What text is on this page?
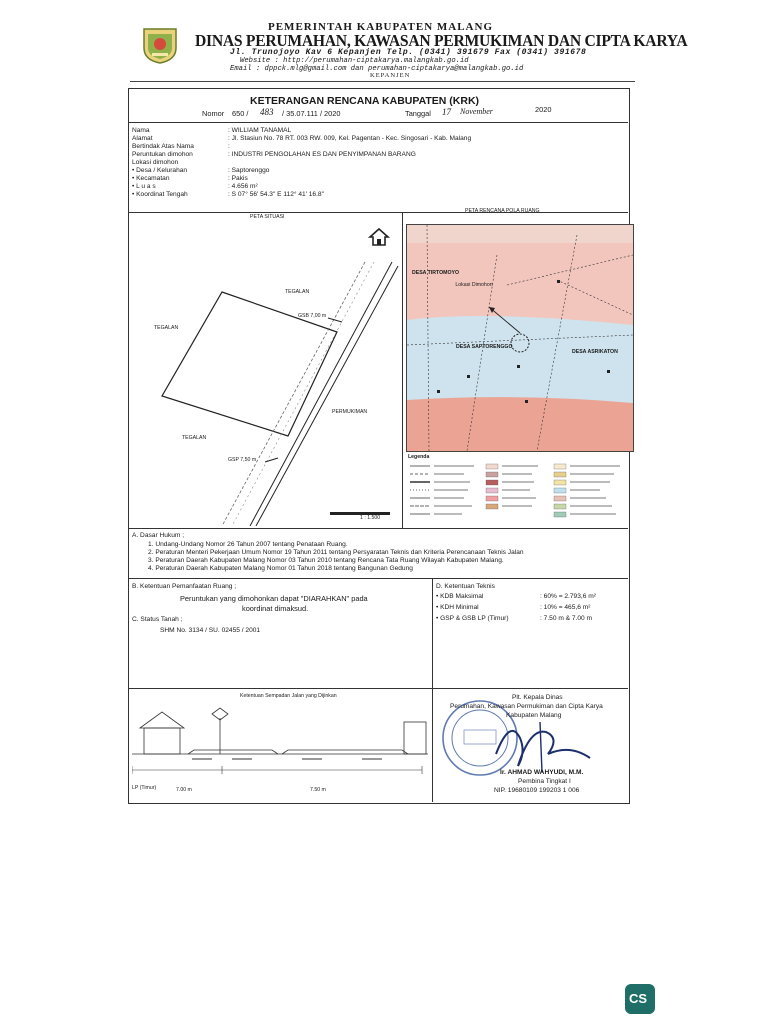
PEMERINTAH KABUPATEN MALANG
DINAS PERUMAHAN, KAWASAN PERMUKIMAN DAN CIPTA KARYA
Jl. Trunojoyo Kav 6 Kepanjen Telp. (0341) 391679 Fax (0341) 391678
Website : http://perumahan-ciptakarya.malangkab.go.id
Email : dppck.mlg@gmail.com dan perumahan-ciptakarya@malangkab.go.id
KEPANJEN
KETERANGAN RENCANA KABUPATEN (KRK)
Nomor 650 / 483 / 35.07.111 / 2020	Tanggal 17 November	2020
Nama	: WILLIAM TANAMAL
Alamat	: Jl. Stasiun No. 78 RT. 003 RW. 009, Kel. Pagentan - Kec. Singosari - Kab. Malang
Bertindak Atas Nama	:
Peruntukan dimohon	: INDUSTRI PENGOLAHAN ES DAN PENYIMPANAN BARANG
Lokasi dimohon
• Desa / Kelurahan	: Saptorenggo
• Kecamatan	: Pakis
• L u a s	: 4.656 m²
• Koordinat Tengah	: S 07° 56' 54.3" E 112° 41' 16.8"
PETA SITUASI
TEGALAN
TEGALAN
TEGALAN
GSB 7,00 m
GSP 7,50 m
PERMUKIMAN
1 : 1.500
PETA RENCANA POLA RUANG
DESA TIRTOMOYO
Lokasi Dimohon
DESA SAPTORENGGO
DESA ASRIKATON
Legenda
A. Dasar Hukum ;
1. Undang-Undang Nomor 26 Tahun 2007 tentang Penataan Ruang.
2. Peraturan Menteri Pekerjaan Umum Nomor 19 Tahun 2011 tentang Persyaratan Teknis dan Kriteria Perencanaan Teknis Jalan
3. Peraturan Daerah Kabupaten Malang Nomor 03 Tahun 2010 tentang Rencana Tata Ruang Wilayah Kabupaten Malang.
4. Peraturan Daerah Kabupaten Malang Nomor 01 Tahun 2018 tentang Bangunan Gedung
B. Ketentuan Pemanfaatan Ruang ;
Peruntukan yang dimohonkan dapat "DIARAHKAN" pada
koordinat dimaksud.
C. Status Tanah ;
SHM No. 3134 / SU. 02455 / 2001
D. Ketentuan Teknis
• KDB Maksimal	: 60% = 2.793,6 m²
• KDH Minimal	: 10% = 465,6 m²
• GSP & GSB LP (Timur)	: 7.50 m & 7.00 m
Ketentuan Sempadan Jalan yang Dijinkan
LP (Timur)	7.00 m	7.50 m
Plt. Kepala Dinas
Perumahan, Kawasan Permukiman dan Cipta Karya
Kabupaten Malang
Ir. AHMAD WAHYUDI, M.M.
Pembina Tingkat I
NIP. 19680109 199203 1 006
CS
